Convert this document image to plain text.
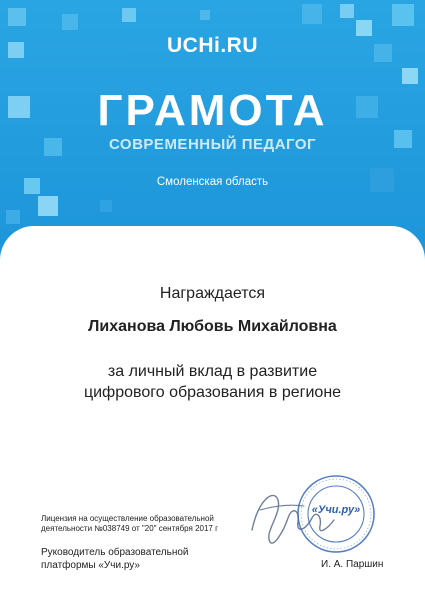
UCHi.RU
ГРАМОТА
СОВРЕМЕННЫЙ ПЕДАГОГ
Смоленская область
Награждается
Лиханова Любовь Михайловна
за личный вклад в развитие
цифрового образования в регионе
«Учи.ру»
Лицензия на осуществление образовательной
деятельности №038749 от "20" сентября 2017 г
Руководитель образовательной
платформы «Учи.ру»	И. А. Паршин
